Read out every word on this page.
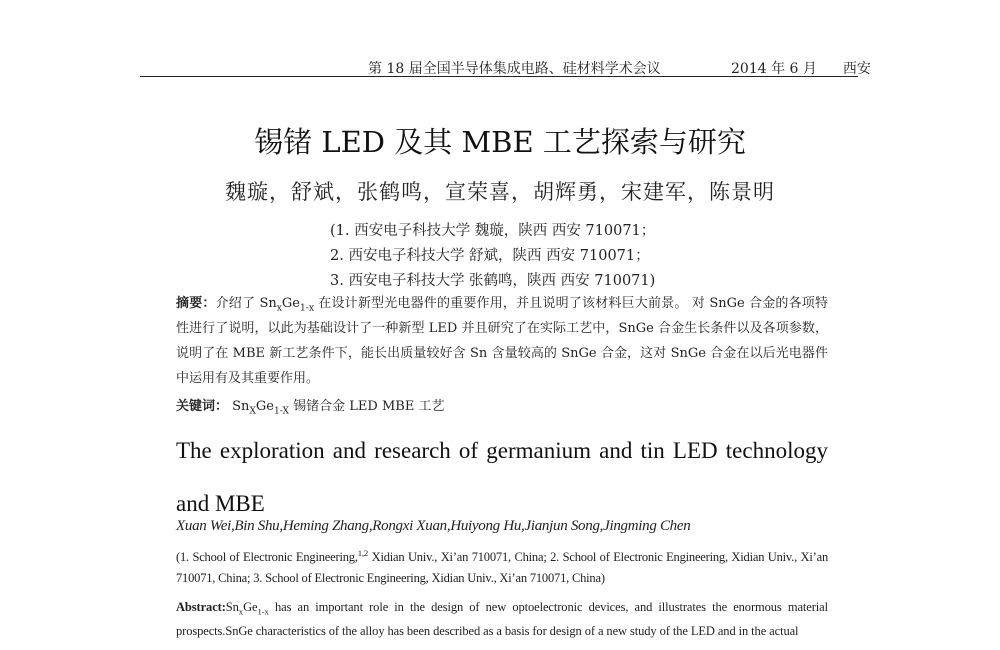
第 18 届全国半导体集成电路、硅材料学术会议	2014 年 6 月 西安
锡锗 LED 及其 MBE 工艺探索与研究
魏璇，舒斌，张鹤鸣，宣荣喜，胡辉勇，宋建军，陈景明
(1. 西安电子科技大学 魏璇，陕西 西安 710071；
2. 西安电子科技大学 舒斌，陕西 西安 710071；
3. 西安电子科技大学 张鹤鸣，陕西 西安 710071)
摘要：介绍了 $Sn_xGe_{1-x}$ 在设计新型光电器件的重要作用，并且说明了该材料巨大前景。 对 SnGe 合金的各项特性进行了说明，以此为基础设计了一种新型 LED 并且研究了在实际工艺中，SnGe 合金生长条件以及各项参数，说明了在 MBE 新工艺条件下，能长出质量较好含 Sn 含量较高的 SnGe 合金，这对 SnGe 合金在以后光电器件中运用有及其重要作用。
关键词： $Sn_XGe_{1-X}$ 锡锗合金 LED MBE 工艺
The exploration and research of germanium and tin LED technology and MBE
Xuan Wei,Bin Shu,Heming Zhang,Rongxi Xuan,Huiyong Hu,Jianjun Song,Jingming Chen
(1. School of Electronic Engineering,$^{1,2}$ Xidian Univ., Xi’an 710071, China; 2. School of Electronic Engineering, Xidian Univ., Xi’an 710071, China; 3. School of Electronic Engineering, Xidian Univ., Xi’an 710071, China)
$Abstract:Sn_xGe_{1-x}$ has an important role in the design of new optoelectronic devices, and illustrates the enormous material prospects.SnGe characteristics of the alloy has been described as a basis for design of a new study of the LED and in the actual
